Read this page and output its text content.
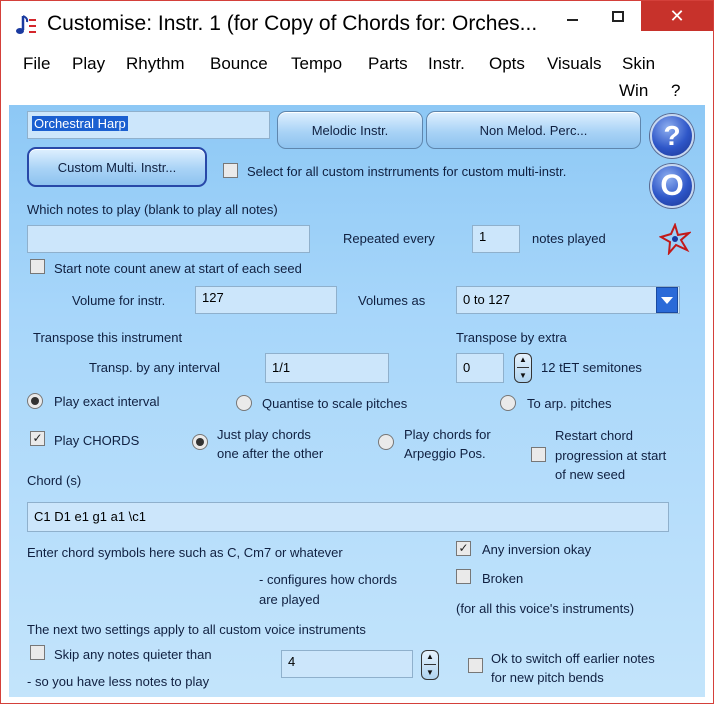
Customise: Instr. 1 (for Copy of Chords for: Orches...	✕
File Play Rhythm Bounce Tempo Parts Instr. Opts Visuals Skin
Win ?
Orchestral Harp	Melodic Instr.	Non Melod. Perc...	?
Custom Multi. Instr...	Select for all custom instrruments for custom multi-instr.	O
Which notes to play (blank to play all notes)
Repeated every	1	notes played
Start note count anew at start of each seed
Volume for instr.	127	Volumes as	0 to 127
Transpose this instrument	Transpose by extra
Transp. by any interval	1/1	0
▲
▼
12 tET semitones
Play exact interval	Quantise to scale pitches	To arp. pitches
✓ Play CHORDS	Just play chords
one after the other
Play chords for
Arpeggio Pos.
Restart chord
progression at start
of new seed
Chord (s)
C1 D1 e1 g1 a1 \c1
Enter chord symbols here such as C, Cm7 or whatever	✓ Any inversion okay
Broken
- configures how chords
are played
(for all this voice's instruments)
The next two settings apply to all custom voice instruments
Skip any notes quieter than	4	▲
▼
Ok to switch off earlier notes
for new pitch bends
- so you have less notes to play
